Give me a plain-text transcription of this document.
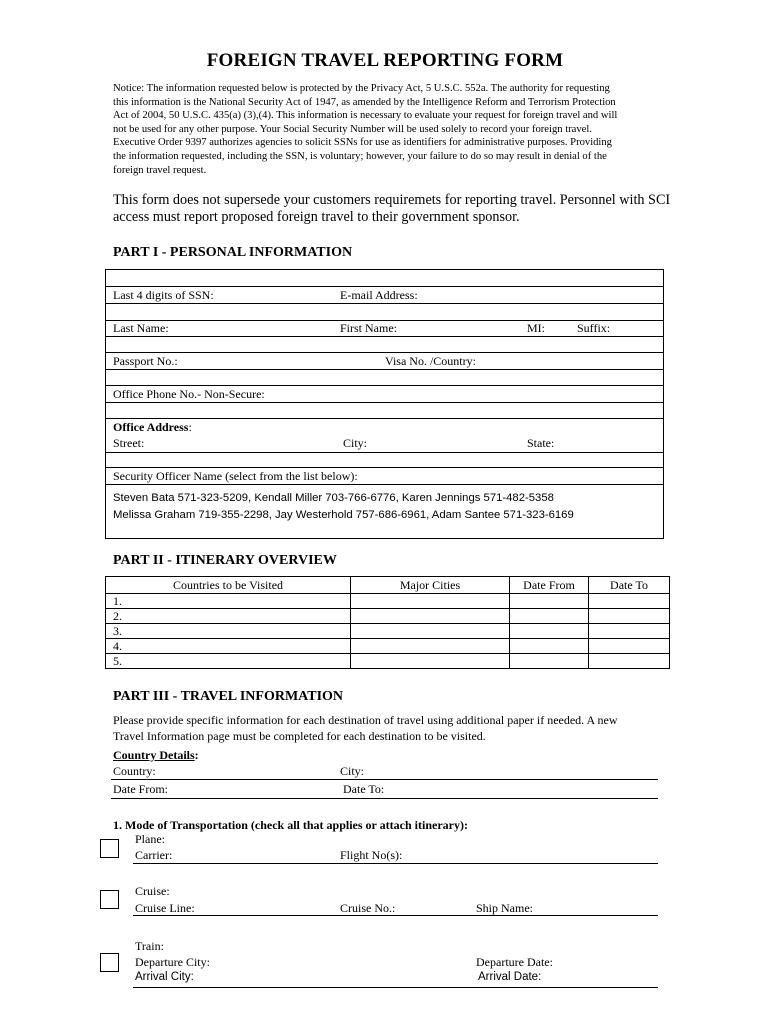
FOREIGN TRAVEL REPORTING FORM

Notice: The information requested below is protected by the Privacy Act, 5 U.S.C. 552a. The authority for requesting

this information is the National Security Act of 1947, as amended by the Intelligence Reform and Terrorism Protection

Act of 2004, 50 U.S.C. 435(a) (3),(4). This information is necessary to evaluate your request for foreign travel and will

not be used for any other purpose. Your Social Security Number will be used solely to record your foreign travel.

Executive Order 9397 authorizes agencies to solicit SSNs for use as identifiers for administrative purposes. Providing

the information requested, including the SSN, is voluntary; however, your failure to do so may result in denial of the

foreign travel request.

This form does not supersede your customers requiremets for reporting travel. Personnel with SCI
access must report proposed foreign travel to their government sponsor.
PART I - PERSONAL INFORMATION
Last 4 digits of SSN:	E-mail Address:
Last Name:	First Name:	MI:	Suffix:
Passport No.:	Visa No. /Country:
Office Phone No.- Non-Secure:
Office Address:
Street:	City:	State:
Security Officer Name (select from the list below):
Steven Bata 571-323-5209, Kendall Miller 703-766-6776, Karen Jennings 571-482-5358
Melissa Graham 719-355-2298, Jay Westerhold 757-686-6961, Adam Santee 571-323-6169
PART II - ITINERARY OVERVIEW
Countries to be Visited	Major Cities	Date From	Date To
1.			
2.			
3.			
4.			
5.			
PART III - TRAVEL INFORMATION
Please provide specific information for each destination of travel using additional paper if needed. A new
Travel Information page must be completed for each destination to be visited.
Country Details:
Country:	City:
Date From:	Date To:
1. Mode of Transportation (check all that applies or attach itinerary):
Plane:
Carrier:	Flight No(s):
Cruise:
Cruise Line:	Cruise No.:	Ship Name:
Train:
Departure City:	Departure Date:
Arrival City:	Arrival Date:
